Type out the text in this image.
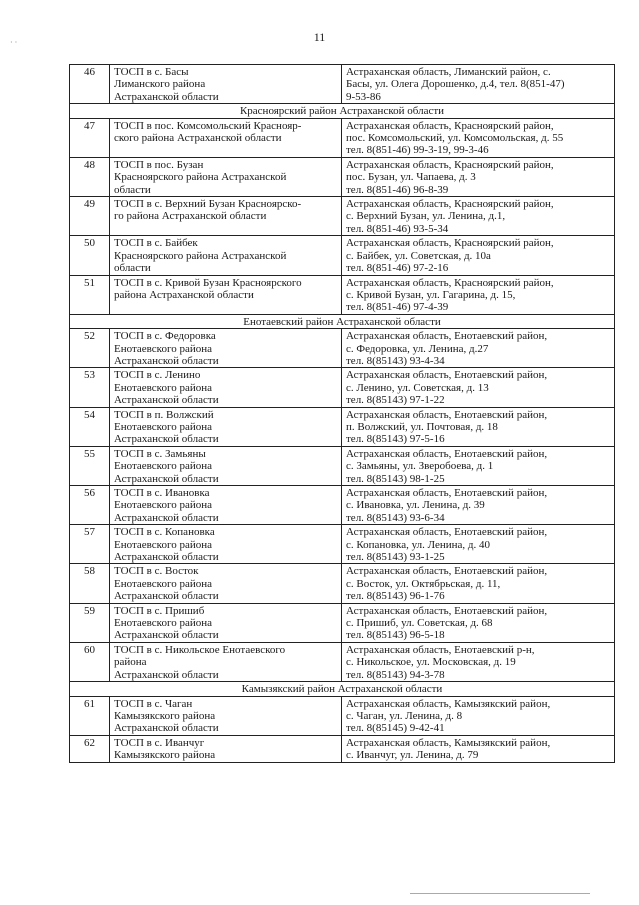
11
· ·
46	ТОСП в с. Басы
Лиманского района
Астраханской области	Астраханская область, Лиманский район, с.
Басы, ул. Олега Дорошенко, д.4, тел. 8(851-47)
9-53-86

Красноярский район Астраханской области		
47	ТОСП в пос. Комсомольский Краснояр-
ского района Астраханской области	Астраханская область, Красноярский район,
пос. Комсомольский, ул. Комсомольская, д. 55
тел. 8(851-46) 99-3-19, 99-3-46

48	ТОСП в пос. Бузан
Красноярского района Астраханской
области	Астраханская область, Красноярский район,
пос. Бузан, ул. Чапаева, д. 3
тел. 8(851-46) 96-8-39

49	ТОСП в с. Верхний Бузан Красноярско-
го района Астраханской области	Астраханская область, Красноярский район,
с. Верхний Бузан, ул. Ленина, д.1,
тел. 8(851-46) 93-5-34

50	ТОСП в с. Байбек
Красноярского района Астраханской
области	Астраханская область, Красноярский район,
с. Байбек, ул. Советская, д. 10а
тел. 8(851-46) 97-2-16

51	ТОСП в с. Кривой Бузан Красноярского
района Астраханской области	Астраханская область, Красноярский район,
с. Кривой Бузан, ул. Гагарина, д. 15,
тел. 8(851-46) 97-4-39

Енотаевский район Астраханской области		
52	ТОСП в с. Федоровка
Енотаевского района
Астраханской области	Астраханская область, Енотаевский район,
с. Федоровка, ул. Ленина, д.27
тел. 8(85143) 93-4-34

53	ТОСП в с. Ленино
Енотаевского района
Астраханской области	Астраханская область, Енотаевский район,
с. Ленино, ул. Советская, д. 13
тел. 8(85143) 97-1-22

54	ТОСП в п. Волжский
Енотаевского района
Астраханской области	Астраханская область, Енотаевский район,
п. Волжский, ул. Почтовая, д. 18
тел. 8(85143) 97-5-16

55	ТОСП в с. Замьяны
Енотаевского района
Астраханской области	Астраханская область, Енотаевский район,
с. Замьяны, ул. Зверобоева, д. 1
тел. 8(85143) 98-1-25

56	ТОСП в с. Ивановка
Енотаевского района
Астраханской области	Астраханская область, Енотаевский район,
с. Ивановка, ул. Ленина, д. 39
тел. 8(85143) 93-6-34

57	ТОСП в с. Копановка
Енотаевского района
Астраханской области	Астраханская область, Енотаевский район,
с. Копановка, ул. Ленина, д. 40
тел. 8(85143) 93-1-25

58	ТОСП в с. Восток
Енотаевского района
Астраханской области	Астраханская область, Енотаевский район,
с. Восток, ул. Октябрьская, д. 11,
тел. 8(85143) 96-1-76

59	ТОСП в с. Пришиб
Енотаевского района
Астраханской области	Астраханская область, Енотаевский район,
с. Пришиб, ул. Советская, д. 68
тел. 8(85143) 96-5-18

60	ТОСП в с. Никольское Енотаевского
района
Астраханской области	Астраханская область, Енотаевский р-н,
с. Никольское, ул. Московская, д. 19
тел. 8(85143) 94-3-78

Камызякский район Астраханской области		
61	ТОСП в с. Чаган
Камызякского района
Астраханской области	Астраханская область, Камызякский район,
с. Чаган, ул. Ленина, д. 8
тел. 8(85145) 9-42-41

62	ТОСП в с. Иванчуг
Камызякского района	Астраханская область, Камызякский район,
с. Иванчуг, ул. Ленина, д. 79
